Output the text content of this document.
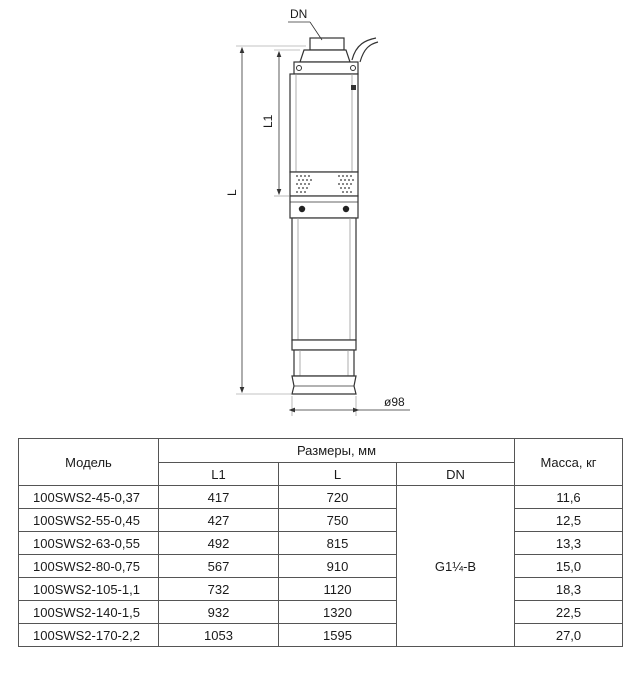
DN
L1
L
ø98
Модель	Размеры, мм			Масса, кг
	L1	L	DN	
100SWS2-45-0,37	417	720	G1¼-B	11,6
100SWS2-55-0,45	427	750		12,5
100SWS2-63-0,55	492	815		13,3
100SWS2-80-0,75	567	910		15,0
100SWS2-105-1,1	732	1120		18,3
100SWS2-140-1,5	932	1320		22,5
100SWS2-170-2,2	1053	1595		27,0
